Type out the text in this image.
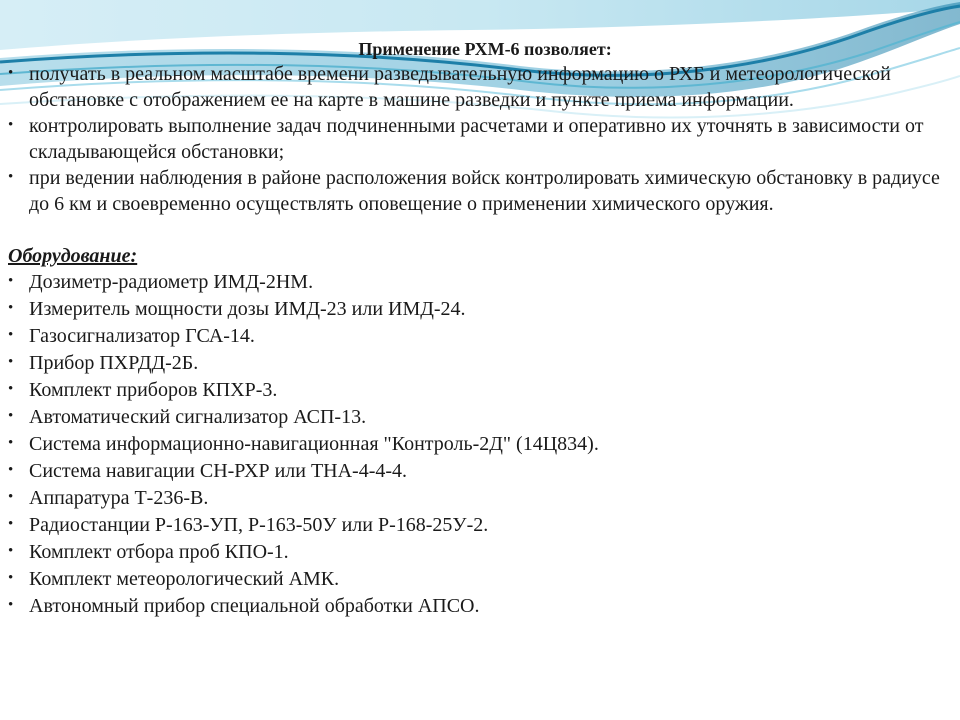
Применение РХМ-6 позволяет:
• получать в реальном масштабе времени разведывательную информацию о РХБ и метеорологической обстановке с отображением ее на карте в машине разведки и пункте приема информации.
• контролировать выполнение задач подчиненными расчетами и оперативно их уточнять в зависимости от складывающейся обстановки;
• при ведении наблюдения в районе расположения войск контролировать химическую обстановку в радиусе до 6 км и своевременно осуществлять оповещение о применении химического оружия.
Оборудование:
• Дозиметр-радиометр ИМД-2НМ.
• Измеритель мощности дозы ИМД-23 или ИМД-24.
• Газосигнализатор ГСА-14.
• Прибор ПХРДД-2Б.
• Комплект приборов КПХР-3.
• Автоматический сигнализатор АСП-13.
• Система информационно-навигационная "Контроль-2Д" (14Ц834).
• Система навигации СН-РХР или ТНА-4-4-4.
• Аппаратура Т-236-В.
• Радиостанции Р-163-УП, Р-163-50У или Р-168-25У-2.
• Комплект отбора проб КПО-1.
• Комплект метеорологический АМК.
• Автономный прибор специальной обработки АПСО.
